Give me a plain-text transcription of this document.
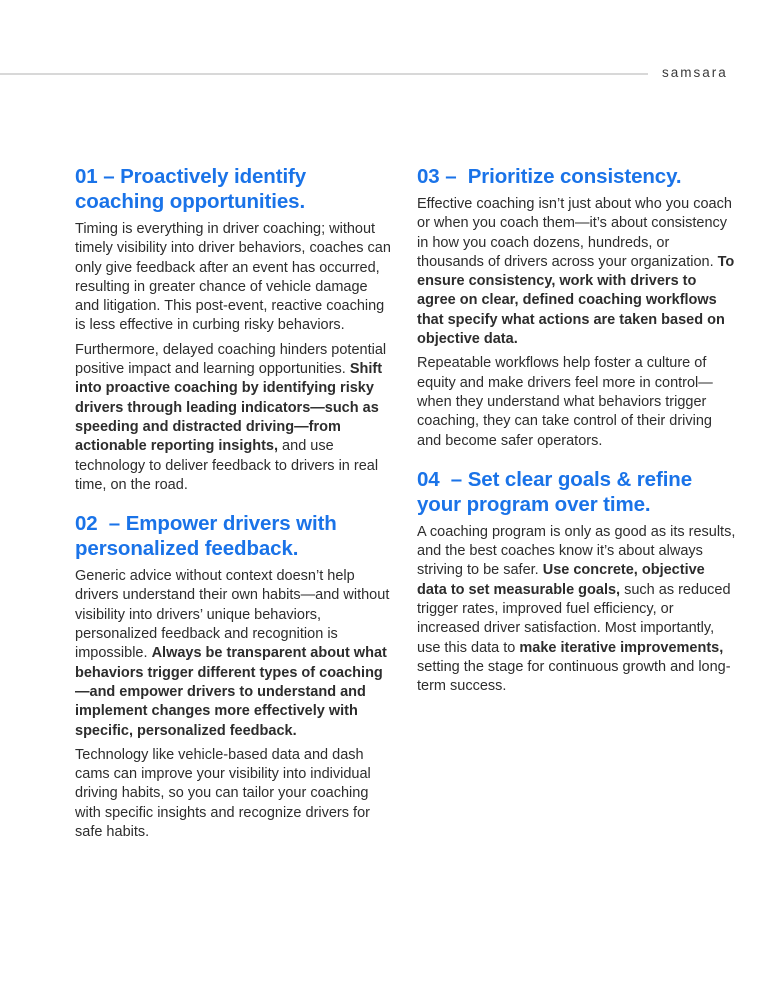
samsara
01 – Proactively identify coaching opportunities.

Timing is everything in driver coaching; without timely visibility into driver behaviors, coaches can only give feedback after an event has occurred, resulting in greater chance of vehicle damage and litigation. This post-event, reactive coaching is less effective in curbing risky behaviors.

Furthermore, delayed coaching hinders potential positive impact and learning opportunities. Shift into proactive coaching by identifying risky drivers through leading indicators—such as speeding and distracted driving—from actionable reporting insights, and use technology to deliver feedback to drivers in real time, on the road.

02  – Empower drivers with personalized feedback.

Generic advice without context doesn’t help drivers understand their own habits—and without visibility into drivers’ unique behaviors, personalized feedback and recognition is impossible. Always be transparent about what behaviors trigger different types of coaching—and empower drivers to understand and implement changes more effectively with specific, personalized feedback.

Technology like vehicle-based data and dash cams can improve your visibility into individual driving habits, so you can tailor your coaching with specific insights and recognize drivers for safe habits.

03 –  Prioritize consistency.

Effective coaching isn’t just about who you coach or when you coach them—it’s about consistency in how you coach dozens, hundreds, or thousands of drivers across your organization. To ensure consistency, work with drivers to agree on clear, defined coaching workflows that specify what actions are taken based on objective data.

Repeatable workflows help foster a culture of equity and make drivers feel more in control—when they understand what behaviors trigger coaching, they can take control of their driving and become safer operators.

04  – Set clear goals & refine your program over time.

A coaching program is only as good as its results, and the best coaches know it’s about always striving to be safer. Use concrete, objective data to set measurable goals, such as reduced trigger rates, improved fuel efficiency, or increased driver satisfaction. Most importantly, use this data to make iterative improvements, setting the stage for continuous growth and long-term success.
